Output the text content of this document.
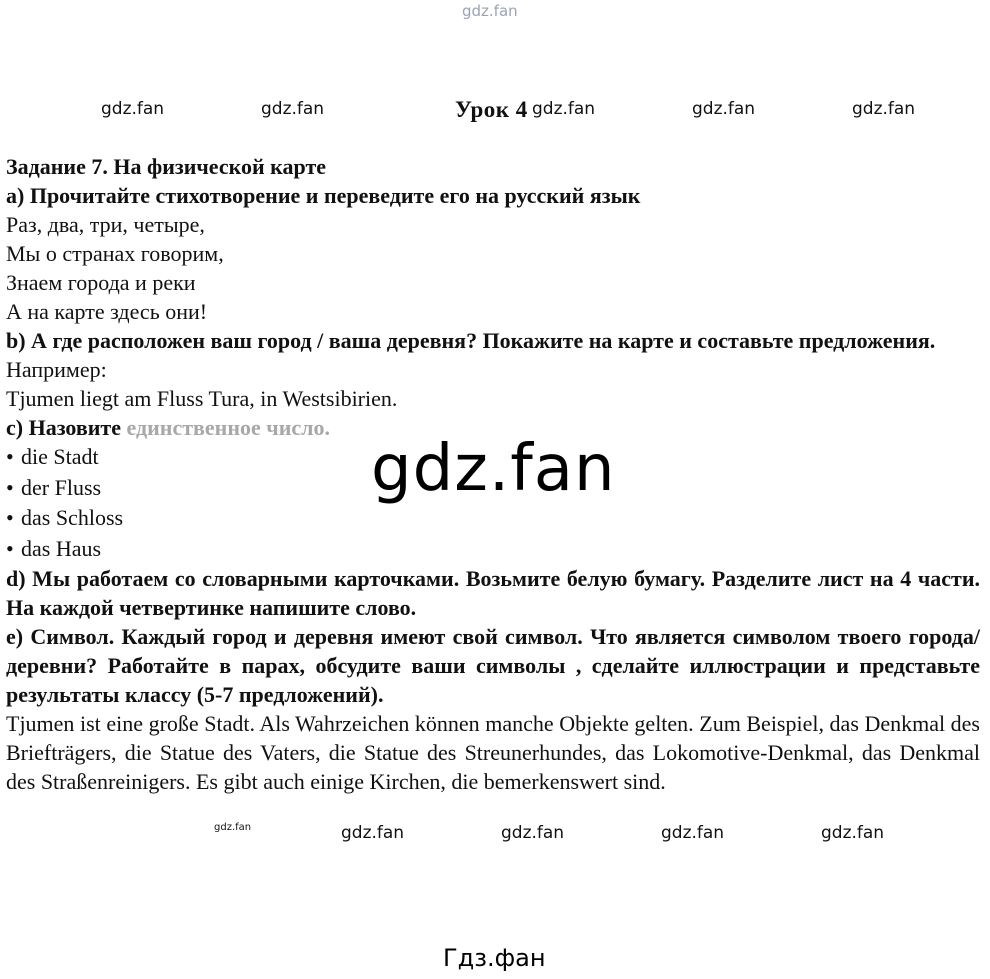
gdz.fan
gdz.fan	gdz.fan	Урок 4 gdz.fan	gdz.fan	gdz.fan
Задание 7. На физической карте
a) Прочитайте стихотворение и переведите его на русский язык
Раз, два, три, четыре,
Мы о странах говорим,
Знаем города и реки
А на карте здесь они!
b) А где расположен ваш город / ваша деревня? Покажите на карте и составьте предложения.
Например:
Tjumen liegt am Fluss Tura, in Westsibirien.
c) Назовите единственное число.
• die Stadt
• der Fluss
• das Schloss
• das Haus
d) Мы работаем со словарными карточками. Возьмите белую бумагу. Разделите лист на 4 части. На каждой четвертинке напишите слово.
e) Символ. Каждый город и деревня имеют свой символ. Что является символом твоего города/деревни? Работайте в парах, обсудите ваши символы , сделайте иллюстрации и представьте результаты классу (5-7 предложений).
Tjumen ist eine große Stadt. Als Wahrzeichen können manche Objekte gelten. Zum Beispiel, das Denkmal des Briefträgers, die Statue des Vaters, die Statue des Streunerhundes, das Lokomotive-Denkmal, das Denkmal des Straßenreinigers. Es gibt auch einige Kirchen, die bemerkenswert sind.
gdz.fan
gdz.fan	gdz.fan	gdz.fan	gdz.fan	gdz.fan
Гдз.фан
